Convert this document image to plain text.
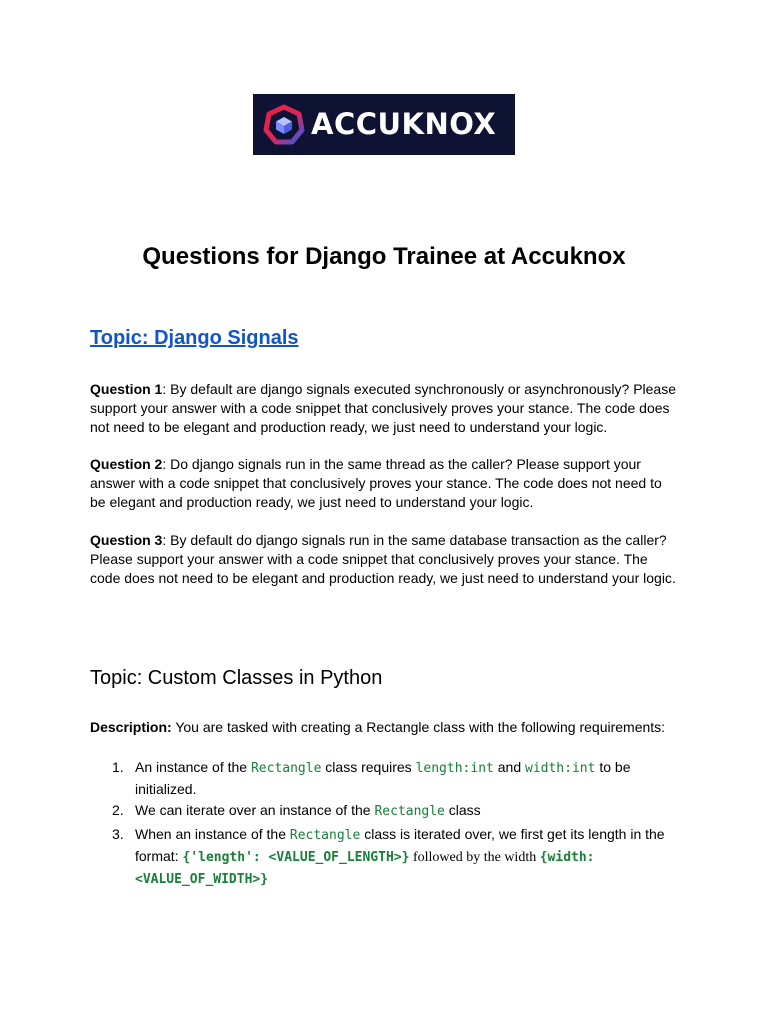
ACCUKNOX
Questions for Django Trainee at Accuknox
Topic: Django Signals

Question 1: By default are django signals executed synchronously or asynchronously? Please support your answer with a code snippet that conclusively proves your stance. The code does not need to be elegant and production ready, we just need to understand your logic.

Question 2: Do django signals run in the same thread as the caller? Please support your answer with a code snippet that conclusively proves your stance. The code does not need to be elegant and production ready, we just need to understand your logic.

Question 3: By default do django signals run in the same database transaction as the caller? Please support your answer with a code snippet that conclusively proves your stance. The code does not need to be elegant and production ready, we just need to understand your logic.

Topic: Custom Classes in Python

Description: You are tasked with creating a Rectangle class with the following requirements:

1. An instance of the Rectangle class requires length:int and width:int to be initialized.
2. We can iterate over an instance of the Rectangle class
3. When an instance of the Rectangle class is iterated over, we first get its length in the format: {'length': <VALUE_OF_LENGTH>} followed by the width {width: <VALUE_OF_WIDTH>}
